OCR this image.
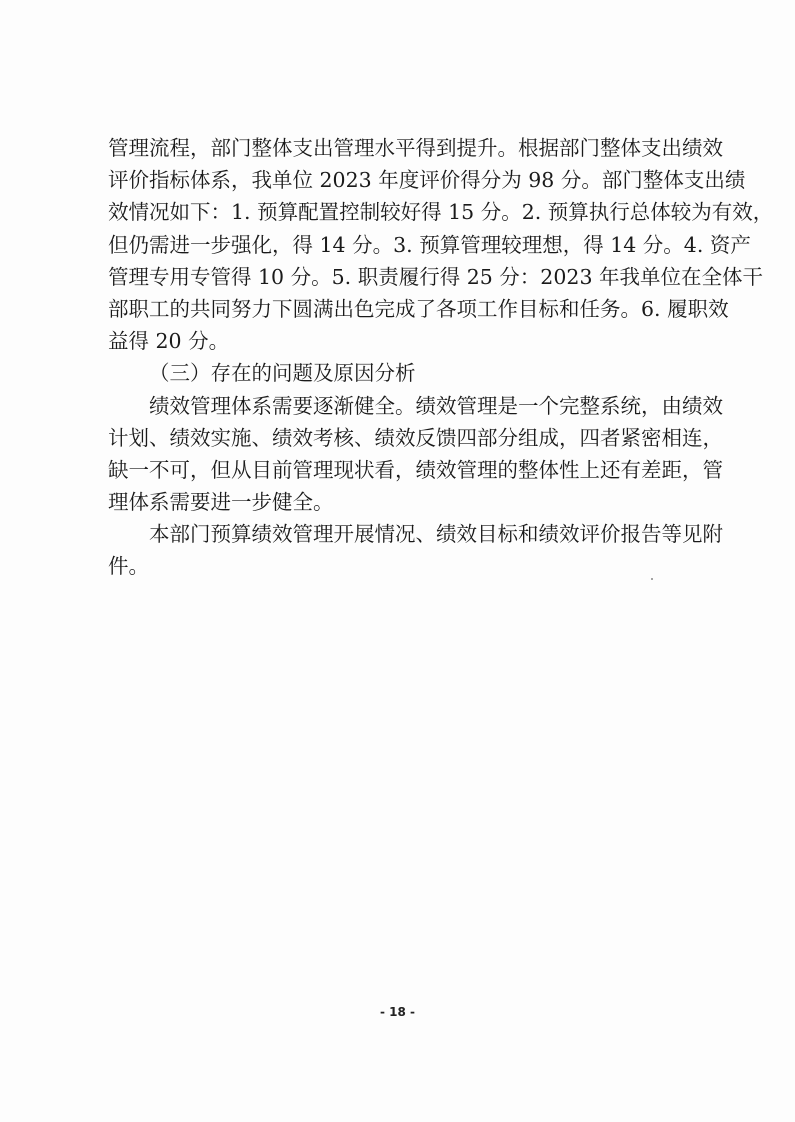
管理流程，部门整体支出管理水平得到提升。根据部门整体支出绩效
评价指标体系，我单位 2023 年度评价得分为 98 分。部门整体支出绩
效情况如下：1. 预算配置控制较好得 15 分。2. 预算执行总体较为有效，
但仍需进一步强化，得 14 分。3. 预算管理较理想，得 14 分。4. 资产
管理专用专管得 10 分。5. 职责履行得 25 分：2023 年我单位在全体干
部职工的共同努力下圆满出色完成了各项工作目标和任务。6. 履职效
益得 20 分。
（三）存在的问题及原因分析
绩效管理体系需要逐渐健全。绩效管理是一个完整系统，由绩效
计划、绩效实施、绩效考核、绩效反馈四部分组成，四者紧密相连，
缺一不可，但从目前管理现状看，绩效管理的整体性上还有差距，管
理体系需要进一步健全。
本部门预算绩效管理开展情况、绩效目标和绩效评价报告等见附
件。
- 18 -
